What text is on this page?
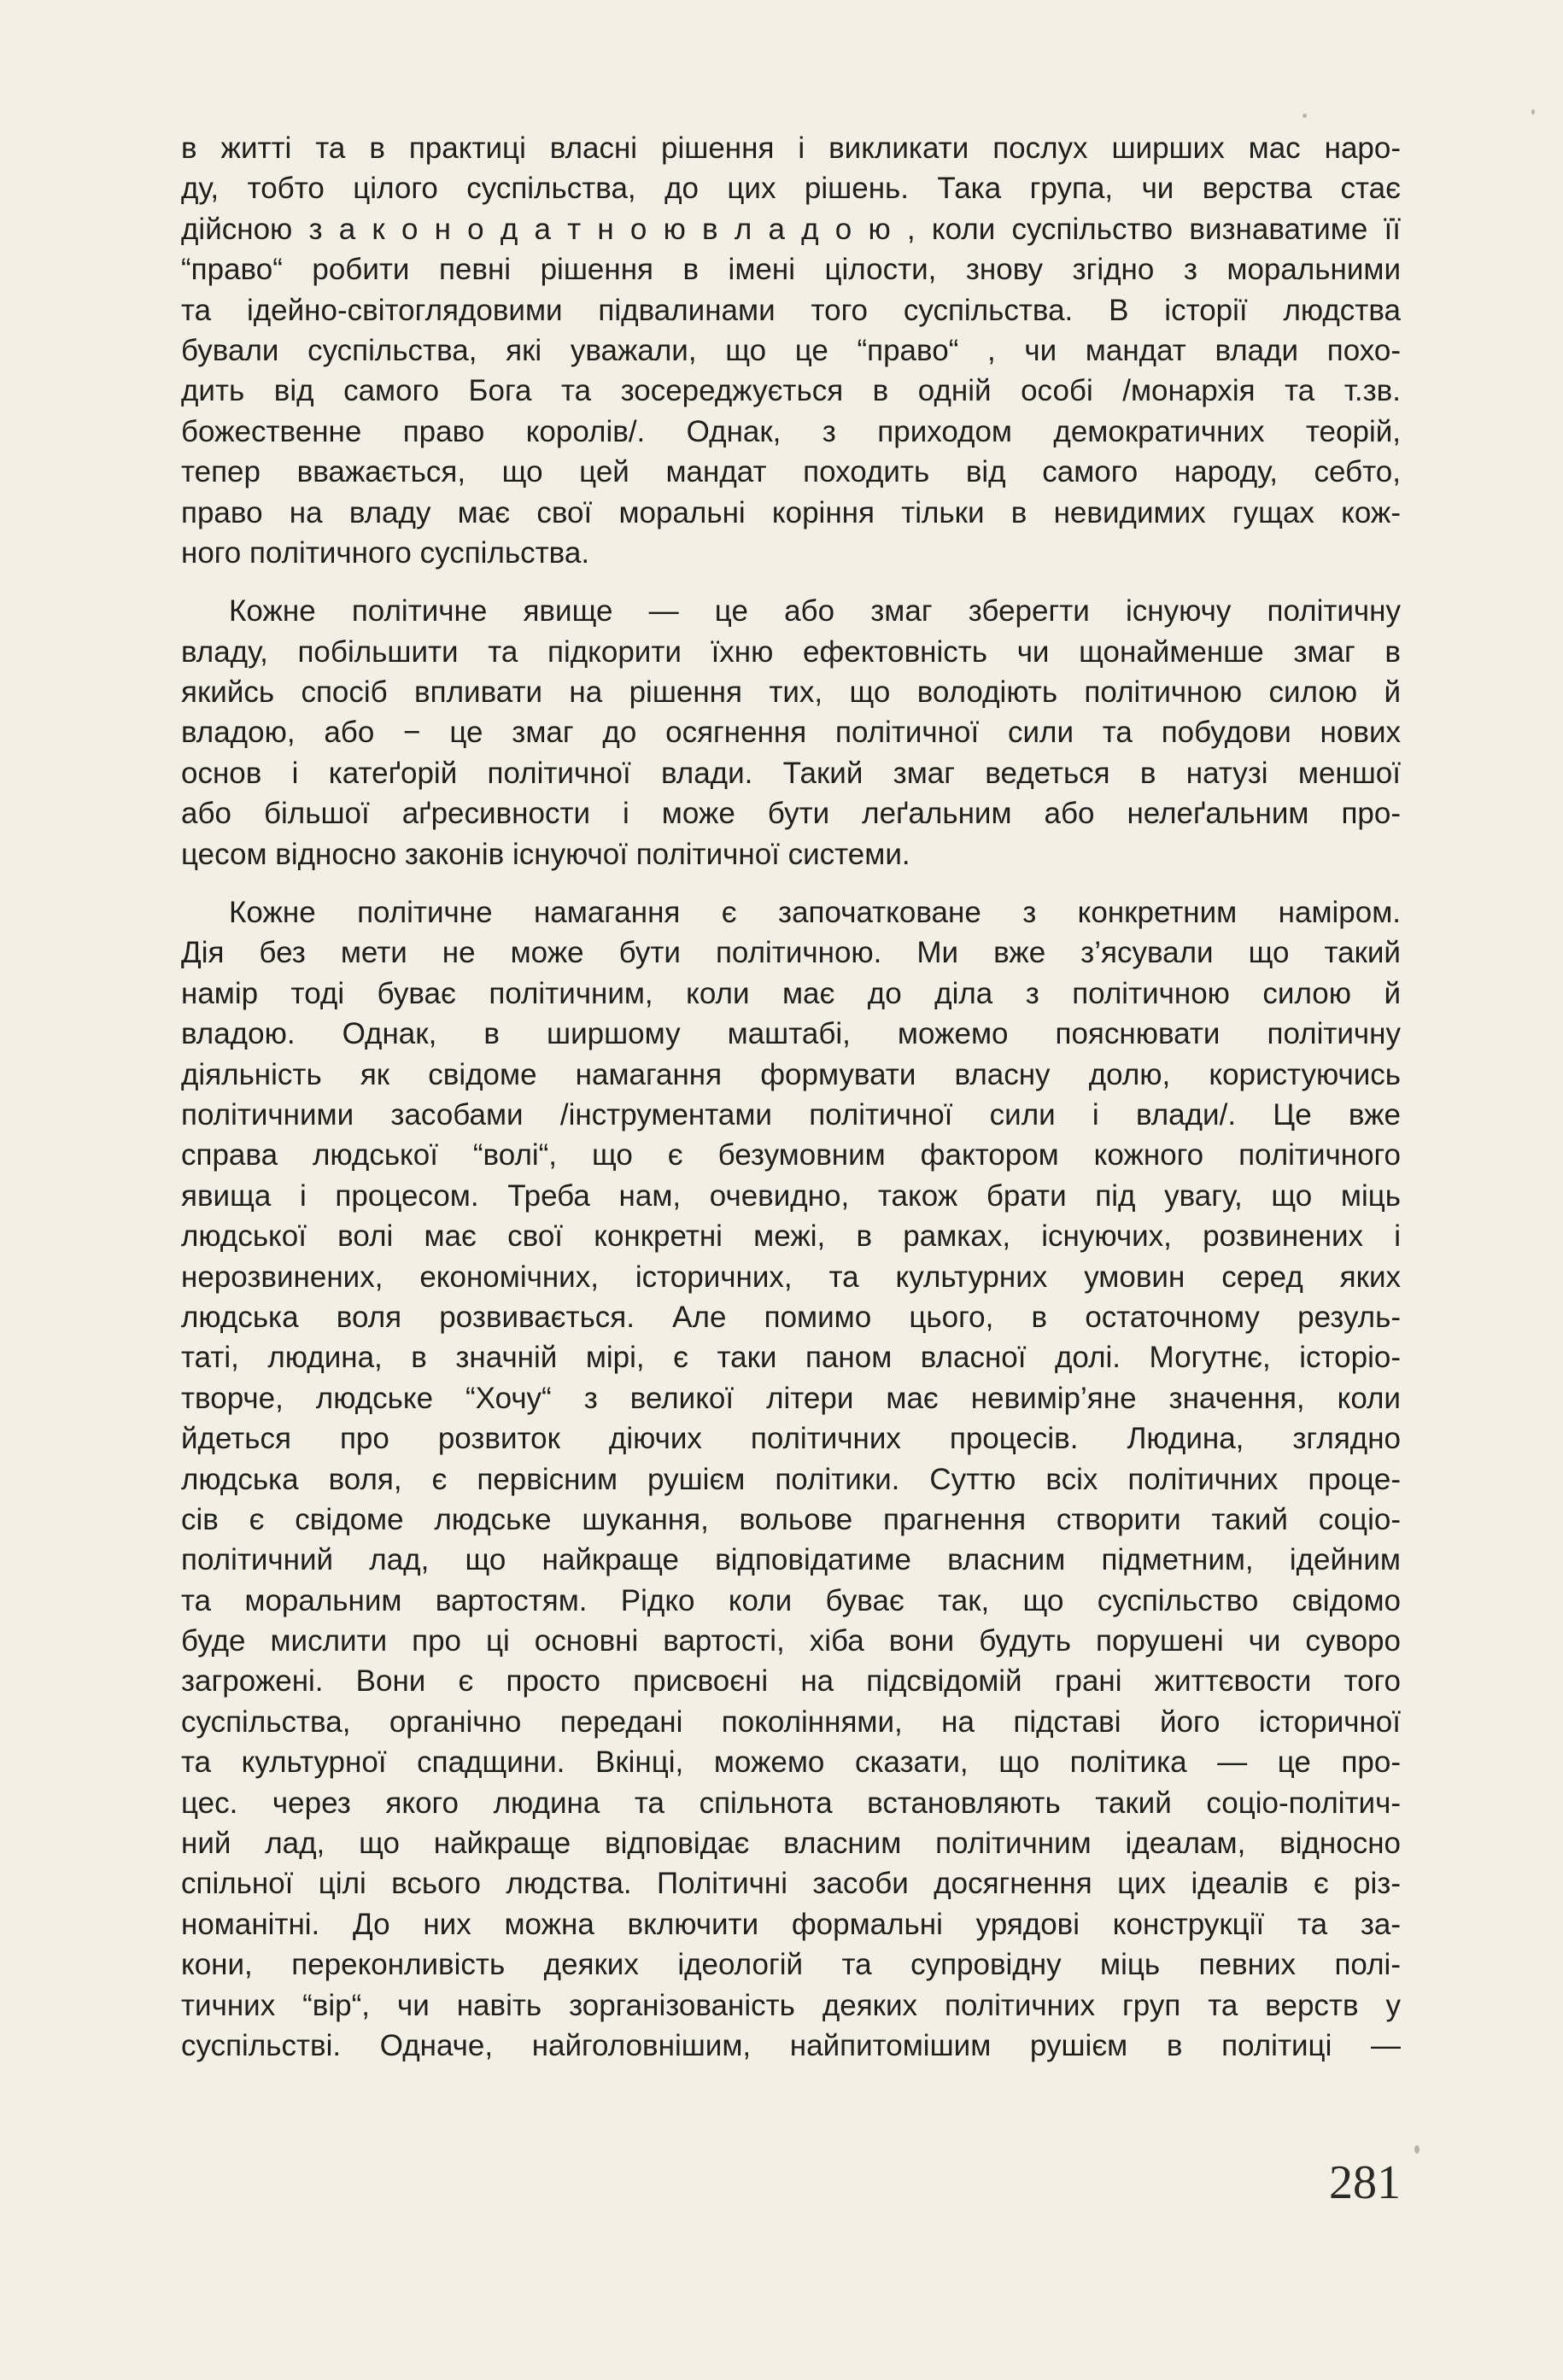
в житті та в практиці власні рішення і викликати послух ширших мас наро-
ду, тобто цілого суспільства, до цих рішень. Така група, чи верства стає
дійсною з а к о н о д а т н о ю в л а д о ю , коли суспільство визнаватиме її
“право“ робити певні рішення в імені цілости, знову згідно з моральними
та ідейно-світоглядовими підвалинами того суспільства. В історії людства
бували суспільства, які уважали, що це “право“ , чи мандат влади похо-
дить від самого Бога та зосереджується в одній особі /монархія та т.зв.
божественне право королів/. Однак, з приходом демократичних теорій,
тепер вважається, що цей мандат походить від самого народу, себто,
право на владу має свої моральні коріння тільки в невидимих гущах кож-
ного політичного суспільства.
Кожне політичне явище — це або змаг зберегти існуючу політичну
владу, побільшити та підкорити їхню ефектовність чи щонайменше змаг в
якийсь спосіб впливати на рішення тих, що володіють політичною силою й
владою, або − це змаг до осягнення політичної сили та побудови нових
основ і катеґорій політичної влади. Такий змаг ведеться в натузі меншої
або більшої аґресивности і може бути леґальним або нелеґальним про-
цесом відносно законів існуючої політичної системи.
Кожне політичне намагання є започатковане з конкретним наміром.
Дія без мети не може бути політичною. Ми вже з’ясували що такий
намір тоді буває політичним, коли має до діла з політичною силою й
владою. Однак, в ширшому маштабі, можемо пояснювати політичну
діяльність як свідоме намагання формувати власну долю, користуючись
політичними засобами /інструментами політичної сили і влади/. Це вже
справа людської “волі“, що є безумовним фактором кожного політичного
явища і процесом. Треба нам, очевидно, також брати під увагу, що міць
людської волі має свої конкретні межі, в рамках, існуючих, розвинених і
нерозвинених, економічних, історичних, та культурних умовин серед яких
людська воля розвивається. Але помимо цього, в остаточному резуль-
таті, людина, в значній мірі, є таки паном власної долі. Могутнє, історіо-
творче, людське “Хочу“ з великої літери має невимір’яне значення, коли
йдеться про розвиток діючих політичних процесів. Людина, зглядно
людська воля, є первісним рушієм політики. Суттю всіх політичних проце-
сів є свідоме людське шукання, вольове прагнення створити такий соціо-
політичний лад, що найкраще відповідатиме власним підметним, ідейним
та моральним вартостям. Рідко коли буває так, що суспільство свідомо
буде мислити про ці основні вартості, хіба вони будуть порушені чи суворо
загрожені. Вони є просто присвоєні на підсвідомій грані життєвости того
суспільства, органічно передані поколіннями, на підставі його історичної
та культурної спадщини. Вкінці, можемо сказати, що політика — це про-
цес. через якого людина та спільнота встановляють такий соціо-політич-
ний лад, що найкраще відповідає власним політичним ідеалам, відносно
спільної цілі всього людства. Політичні засоби досягнення цих ідеалів є різ-
номанітні. До них можна включити формальні урядові конструкції та за-
кони, переконливість деяких ідеологій та супровідну міць певних полі-
тичних “вір“, чи навіть зорганізованість деяких політичних груп та верств у
суспільстві. Одначе, найголовнішим, найпитомішим рушієм в політиці —
281
